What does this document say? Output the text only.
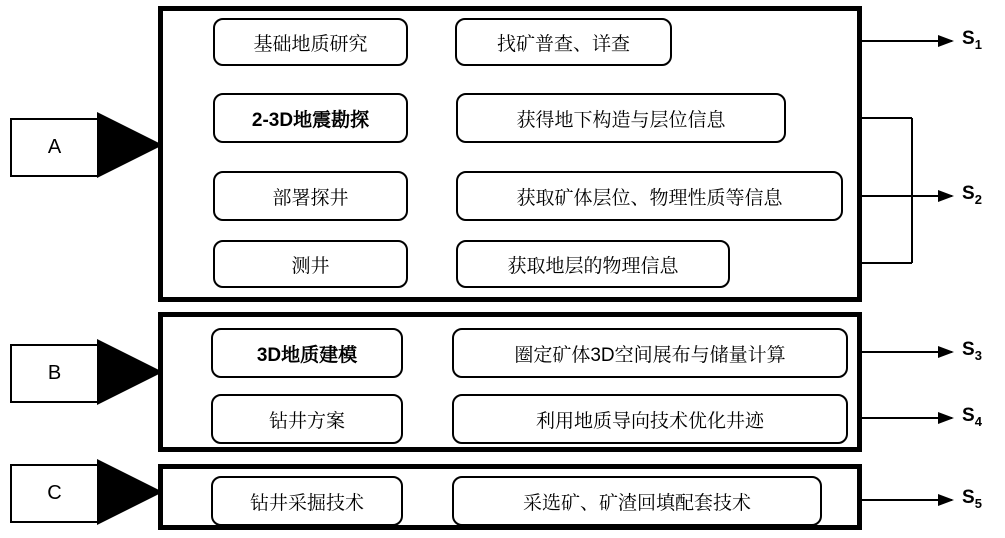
A
B
C
基础地质研究	找矿普查、详查
2-3D地震勘探	获得地下构造与层位信息
部署探井	获取矿体层位、物理性质等信息
测井	获取地层的物理信息
3D地质建模	圈定矿体3D空间展布与储量计算
钻井方案	利用地质导向技术优化井迹
钻井采掘技术	采选矿、矿渣回填配套技术
$S_1$
$S_2$
$S_3$
$S_4$
$S_5$
